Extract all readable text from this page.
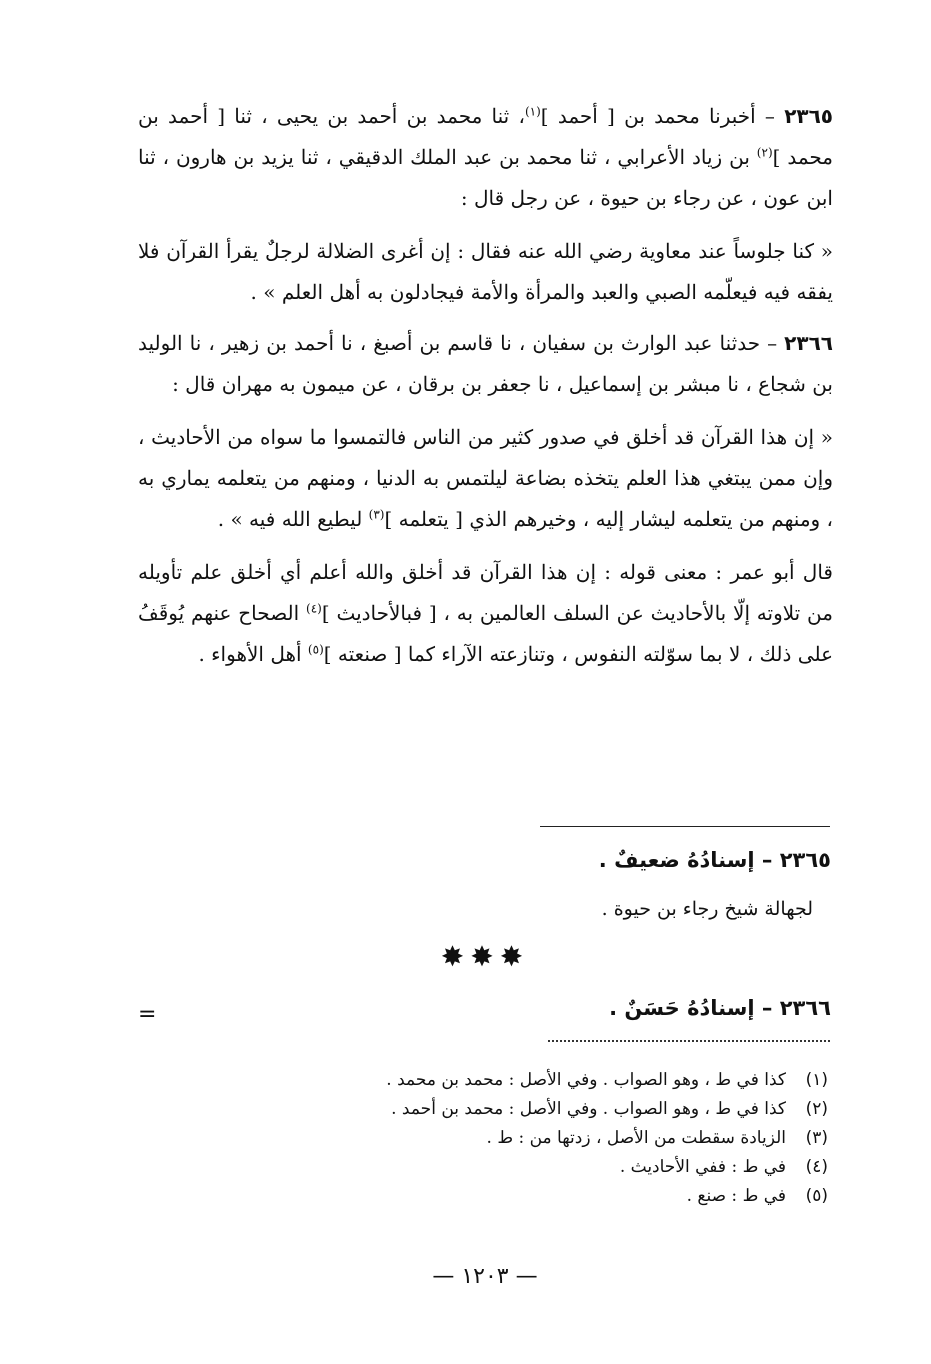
٢٣٦٥ – أخبرنا محمد بن [ أحمد ]$^{(١)}$، ثنا محمد بن أحمد بن يحيى ، ثنا [ أحمد بن محمد ]$^{(٢)}$ بن زياد الأعرابي ، ثنا محمد بن عبد الملك الدقيقي ، ثنا يزيد بن هارون ، ثنا ابن عون ، عن رجاء بن حيوة ، عن رجل قال :

« كنا جلوساً عند معاوية رضي الله عنه فقال : إن أغرى الضلالة لرجلٌ يقرأ القرآن فلا يفقه فيه فيعلّمه الصبي والعبد والمرأة والأمة فيجادلون به أهل العلم » .

٢٣٦٦ – حدثنا عبد الوارث بن سفيان ، نا قاسم بن أصبغ ، نا أحمد بن زهير ، نا الوليد بن شجاع ، نا مبشر بن إسماعيل ، نا جعفر بن برقان ، عن ميمون به مهران قال :

« إن هذا القرآن قد أخلق في صدور كثير من الناس فالتمسوا ما سواه من الأحاديث ، وإن ممن يبتغي هذا العلم يتخذه بضاعة ليلتمس به الدنيا ، ومنهم من يتعلمه يماري به ، ومنهم من يتعلمه ليشار إليه ، وخيرهم الذي [ يتعلمه ]$^{(٣)}$ ليطيع الله فيه » .

قال أبو عمر : معنى قوله : إن هذا القرآن قد أخلق والله أعلم أي أخلق علم تأويله من تلاوته إلّا بالأحاديث عن السلف العالمين به ، [ فبالأحاديث ]$^{(٤)}$ الصحاح عنهم يُوقَفُ على ذلك ، لا بما سوّلته النفوس ، وتنازعته الآراء كما [ صنعته ]$^{(٥)}$ أهل الأهواء .

٢٣٦٥ – إسنادُهُ ضعيفٌ .
لجهالة شيخ رجاء بن حيوة .
✸✸✸
=	٢٣٦٦ – إسنادُهُ حَسَنٌ .
(١)
كذا في ط ، وهو الصواب . وفي الأصل : محمد بن محمد .
(٢)
كذا في ط ، وهو الصواب . وفي الأصل : محمد بن أحمد .
(٣)
الزيادة سقطت من الأصل ، زدتها من : ط .
(٤)
في ط : ففي الأحاديث .
(٥)
في ط : صنع .
— ١٢٠٣ —
